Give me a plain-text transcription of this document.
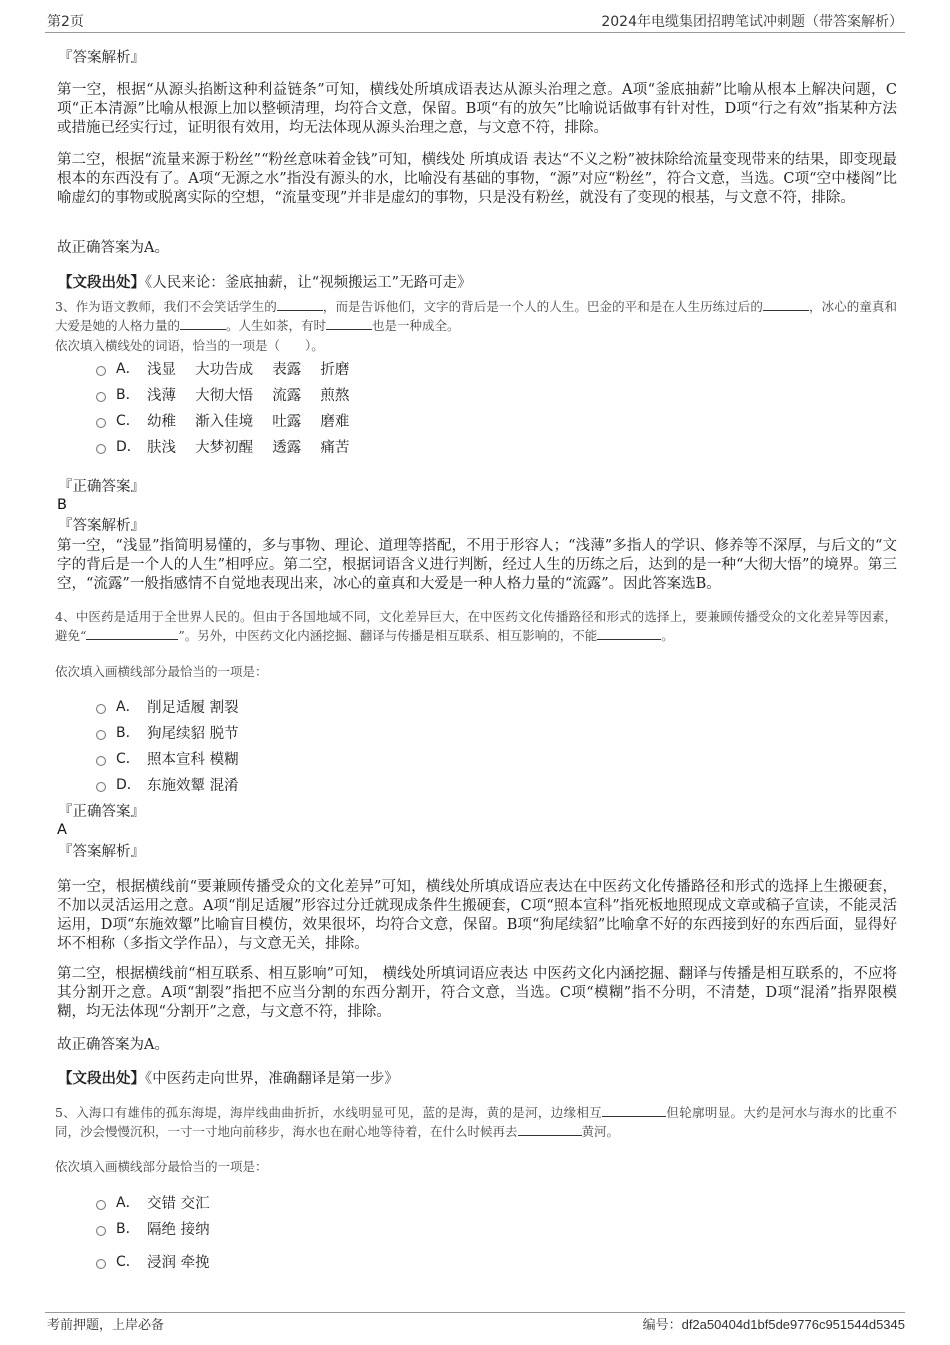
第2页	2024年电缆集团招聘笔试冲刺题（带答案解析）
『答案解析』
第一空，根据“从源头掐断这种利益链条”可知，横线处所填成语表达从源头治理之意。A项“釜底抽薪”比喻从根本上解决问题，C项“正本清源”比喻从根源上加以整顿清理，均符合文意，保留。B项“有的放矢”比喻说话做事有针对性，D项“行之有效”指某种方法或措施已经实行过，证明很有效用，均无法体现从源头治理之意，与文意不符，排除。
第二空，根据“流量来源于粉丝”“粉丝意味着金钱”可知，横线处 所填成语 表达“不义之粉”被抹除给流量变现带来的结果，即变现最根本的东西没有了。A项“无源之水”指没有源头的水，比喻没有基础的事物，“源”对应“粉丝”，符合文意，当选。C项“空中楼阁”比喻虚幻的事物或脱离实际的空想，“流量变现”并非是虚幻的事物，只是没有粉丝，就没有了变现的根基，与文意不符，排除。
故正确答案为A。
【文段出处】《人民来论：釜底抽薪，让“视频搬运工”无路可走》
3、作为语文教师，我们不会笑话学生的	，而是告诉他们，文字的背后是一个人的人生。巴金的平和是在人生历练过后的	，冰心的童真和大爱是她的人格力量的	。人生如茶，有时	也是一种成全。
依次填入横线处的词语，恰当的一项是（　　）。
A． 浅显　 大功告成　 表露　 折磨
B． 浅薄　 大彻大悟　 流露　 煎熬
C． 幼稚　 渐入佳境　 吐露　 磨难
D． 肤浅　 大梦初醒　 透露　 痛苦
『正确答案』
B
『答案解析』
第一空，“浅显”指简明易懂的，多与事物、理论、道理等搭配，不用于形容人；“浅薄”多指人的学识、修养等不深厚，与后文的“文字的背后是一个人的人生”相呼应。第二空，根据词语含义进行判断，经过人生的历练之后，达到的是一种“大彻大悟”的境界。第三空，“流露”一般指感情不自觉地表现出来，冰心的童真和大爱是一种人格力量的“流露”。因此答案选B。
4、中医药是适用于全世界人民的。但由于各国地域不同，文化差异巨大，在中医药文化传播路径和形式的选择上，要兼顾传播受众的文化差异等因素，避免“	”。另外，中医药文化内涵挖掘、翻译与传播是相互联系、相互影响的，不能	。
依次填入画横线部分最恰当的一项是：
A． 削足适履 割裂
B． 狗尾续貂 脱节
C． 照本宣科 模糊
D． 东施效颦 混淆
『正确答案』
A
『答案解析』
第一空，根据横线前“要兼顾传播受众的文化差异”可知，横线处所填成语应表达在中医药文化传播路径和形式的选择上生搬硬套，不加以灵活运用之意。A项“削足适履”形容过分迁就现成条件生搬硬套，C项“照本宣科”指死板地照现成文章或稿子宣读，不能灵活运用，D项“东施效颦”比喻盲目模仿，效果很坏，均符合文意，保留。B项“狗尾续貂”比喻拿不好的东西接到好的东西后面，显得好坏不相称（多指文学作品），与文意无关，排除。
第二空，根据横线前“相互联系、相互影响”可知， 横线处所填词语应表达 中医药文化内涵挖掘、翻译与传播是相互联系的，不应将其分割开之意。A项“割裂”指把不应当分割的东西分割开，符合文意，当选。C项“模糊”指不分明，不清楚，D项“混淆”指界限模糊，均无法体现“分割开”之意，与文意不符，排除。
故正确答案为A。
【文段出处】《中医药走向世界，准确翻译是第一步》
5、入海口有雄伟的孤东海堤，海岸线曲曲折折，水线明显可见，蓝的是海，黄的是河，边缘相互	但轮廓明显。大约是河水与海水的比重不同，沙会慢慢沉积，一寸一寸地向前移步，海水也在耐心地等待着，在什么时候再去	黄河。
依次填入画横线部分最恰当的一项是：
A． 交错 交汇
B． 隔绝 接纳
C． 浸润 牵挽
考前押题，上岸必备	编号：df2a50404d1bf5de9776c951544d5345
